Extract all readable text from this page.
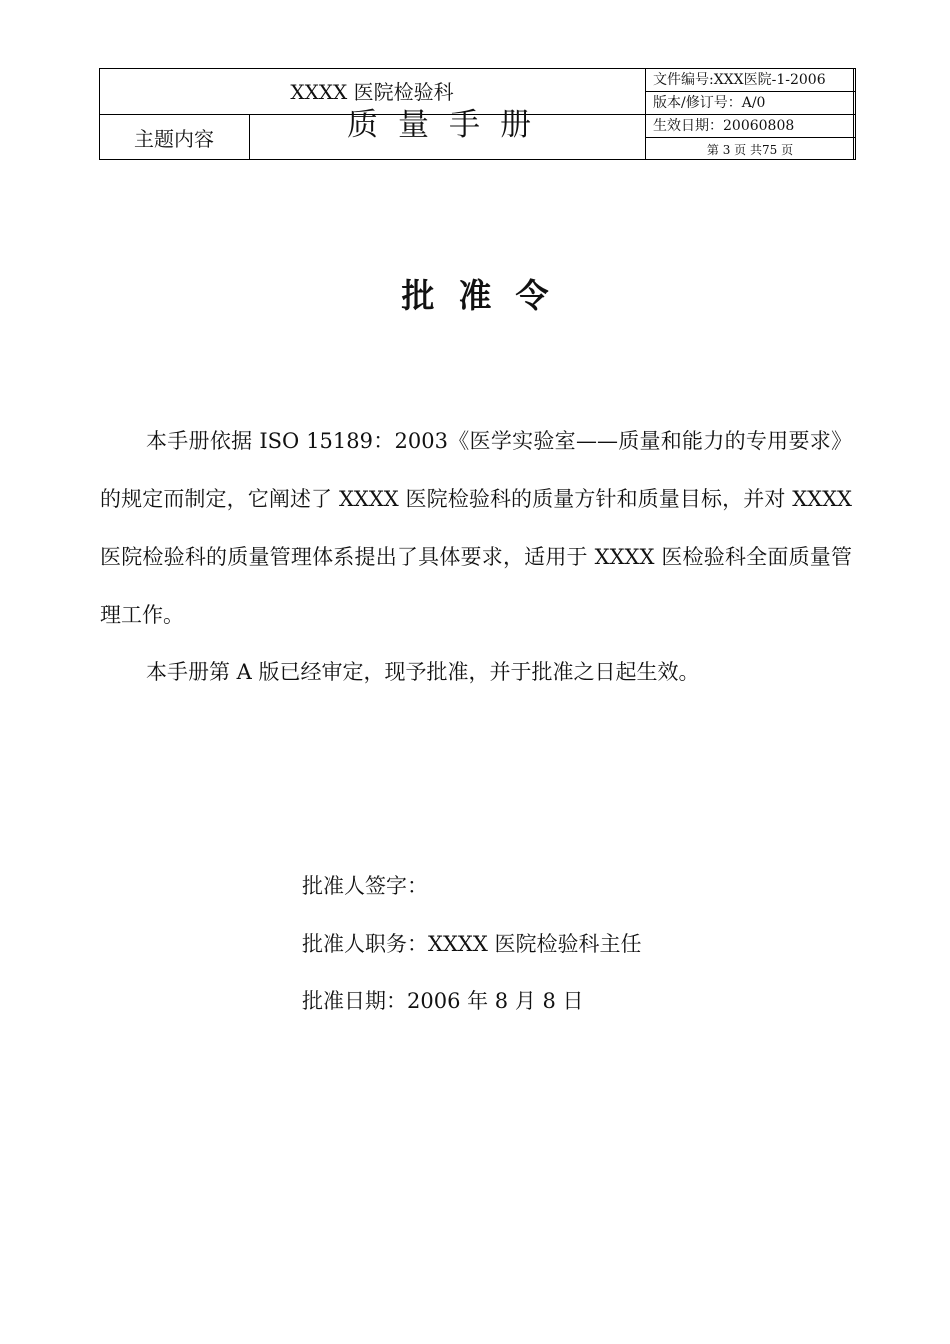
XXXX 医院检验科
主题内容	质量手册
文件编号:XXX医院-1-2006
版本/修订号：A/0
生效日期：20060808
第 3 页 共75 页
批准令

本手册依据 ISO 15189：2003《医学实验室——质量和能力的专用要求》的规定而制定，它阐述了 XXXX 医院检验科的质量方针和质量目标，并对 XXXX 医院检验科的质量管理体系提出了具体要求，适用于 XXXX 医检验科全面质量管理工作。

本手册第 A 版已经审定，现予批准，并于批准之日起生效。

批准人签字：
批准人职务：XXXX 医院检验科主任
批准日期：2006 年 8 月 8 日
